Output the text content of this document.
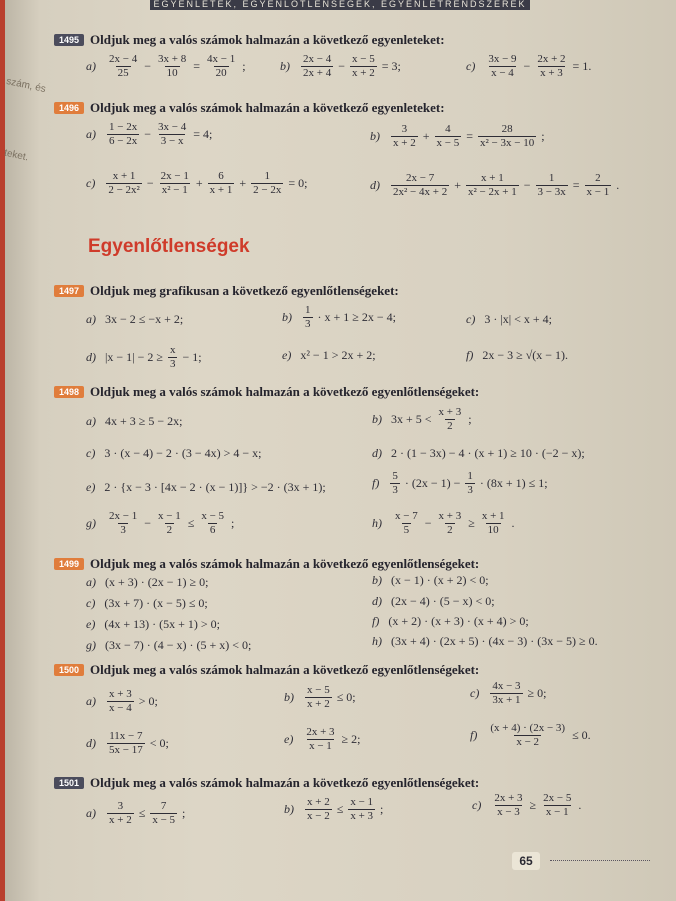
EGYENLETEK, EGYENLŐTLENSÉGEK, EGYENLETRENDSZEREK
szám, és
teket.
1495 Oldjuk meg a valós számok halmazán a következő egyenleteket:
$a) \frac{2x - 4}{25} - \frac{3x + 8}{10} = \frac{4x - 1}{20}$ ;	$b) \frac{2x - 4}{2x + 4} - \frac{x - 5}{x + 2} = 3$;	$c) \frac{3x - 9}{x - 4} - \frac{2x + 2}{x + 3} = 1$.
1496 Oldjuk meg a valós számok halmazán a következő egyenleteket:
$a) \frac{1 - 2x}{6 - 2x} - \frac{3x - 4}{3 - x} = 4$;	$b) \frac{3}{x + 2} + \frac{4}{x - 5} = \frac{28}{\text{x² − 3x − 10}}$ ;
$c) \frac{x + 1}{\text{2 − 2x²}} - \frac{2x - 1}{\text{x² − 1}} + \frac{6}{x + 1} + \frac{1}{2 - 2x} = 0$;	$d) \frac{2x - 7}{\text{2x² − 4x + 2}} + \frac{x + 1}{\text{x² − 2x + 1}} - \frac{1}{3 - 3x} = \frac{2}{x - 1}$ .
Egyenlőtlenségek
1497 Oldjuk meg grafikusan a következő egyenlőtlenségeket:
a) 3x − 2 ≤ −x + 2;	$b) \frac{1}{3} \cdot x + 1 \ge 2x - 4$;	c) 3 · |x| < x + 4;
d) $|x - 1| - 2 \ge \frac{x}{3} - 1$;	e) x² − 1 > 2x + 2;	f) 2x − 3 ≥ √(x − 1).
1498 Oldjuk meg a valós számok halmazán a következő egyenlőtlenségeket:
a) 4x + 3 ≥ 5 − 2x;	b) $3x + 5 < \frac{x + 3}{2}$ ;
c) 3 · (x − 4) − 2 · (3 − 4x) > 4 − x;	d) 2 · (1 − 3x) − 4 · (x + 1) ≥ 10 · (−2 − x);
e) 2 · {x − 3 · [4x − 2 · (x − 1)]} > −2 · (3x + 1);	$f) \frac{5}{3} \cdot (2x - 1) - \frac{1}{3} \cdot (8x + 1) \le 1$;
$g) \frac{2x - 1}{3} - \frac{x - 1}{2} \le \frac{x - 5}{6}$ ;	$h) \frac{x - 7}{5} - \frac{x + 3}{2} \ge \frac{x + 1}{10}$ .
1499 Oldjuk meg a valós számok halmazán a következő egyenlőtlenségeket:
a) (x + 3) · (2x − 1) ≥ 0;	b) (x − 1) · (x + 2) < 0;
c) (3x + 7) · (x − 5) ≤ 0;	d) (2x − 4) · (5 − x) < 0;
e) (4x + 13) · (5x + 1) > 0;	f) (x + 2) · (x + 3) · (x + 4) > 0;
g) (3x − 7) · (4 − x) · (5 + x) < 0;	h) (3x + 4) · (2x + 5) · (4x − 3) · (3x − 5) ≥ 0.
1500 Oldjuk meg a valós számok halmazán a következő egyenlőtlenségeket:
$a) \frac{x + 3}{x - 4} > 0$;	$b) \frac{x - 5}{x + 2} \le 0$;	$c) \frac{4x - 3}{3x + 1} \ge 0$;
$d) \frac{11x - 7}{5x - 17} < 0$;	$e) \frac{2x + 3}{x - 1} \ge 2$;	$f) \frac{(x + 4) \cdot (2x - 3)}{x - 2} \le 0$.
1501 Oldjuk meg a valós számok halmazán a következő egyenlőtlenségeket:
$a) \frac{3}{x + 2} \le \frac{7}{x - 5}$ ;	$b) \frac{x + 2}{x - 2} \le \frac{x - 1}{x + 3}$ ;	$c) \frac{2x + 3}{x - 3} \ge \frac{2x - 5}{x - 1}$ .
65
